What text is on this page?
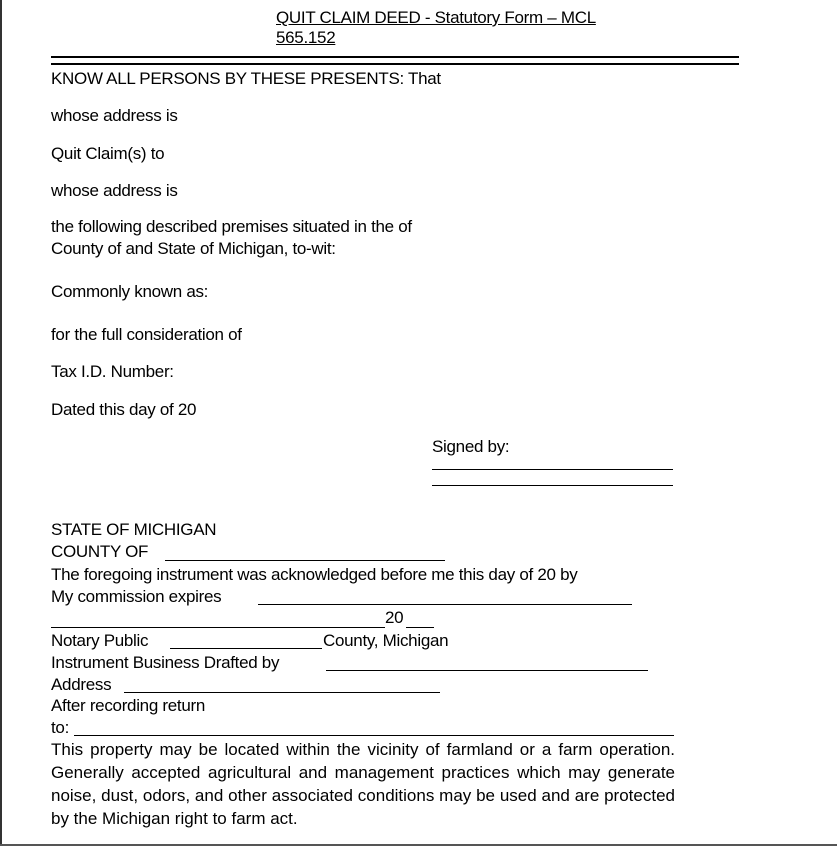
QUIT CLAIM DEED - Statutory Form – MCL
565.152
KNOW ALL PERSONS BY THESE PRESENTS: That
whose address is
Quit Claim(s) to
whose address is
the following described premises situated in the of
County of and State of Michigan, to-wit:
Commonly known as:
for the full consideration of
Tax I.D. Number:
Dated this day of 20
Signed by:
STATE OF MICHIGAN
COUNTY OF
The foregoing instrument was acknowledged before me this day of 20 by
My commission expires
20
Notary Public	County, Michigan
Instrument Business Drafted by
Address
After recording return
to:
This property may be located within the vicinity of farmland or a farm operation. Generally accepted agricultural and management practices which may generate noise, dust, odors, and other associated conditions may be used and are protected by the Michigan right to farm act.
